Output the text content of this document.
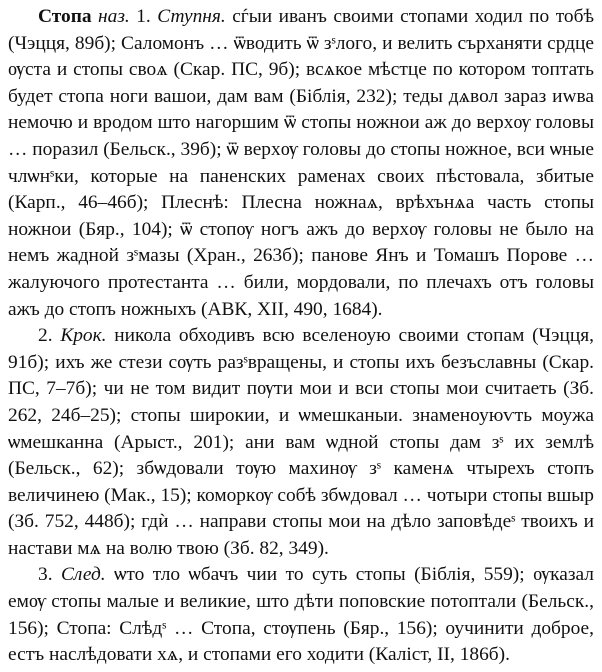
Стопа наз. 1. Ступня. сѓыи иванъ своими стопами ходил по тобѣ (Чэцця, 89б); Саломонъ … ѿводить ѿ зˢлого, и велить сърханяти срдце ѹста и стопы своѧ (Скар. ПС, 9б); всѧкое мѣстце по котором топтать будет стопа ноги вашои, дам вам (Біблія, 232); теды дѧвол зараз иwва немочю и вродом што нагоршим ѿ стопы ножнои аж до верхѹ головы … поразил (Бельск., 39б); ѿ верхѹ головы до стопы ножное, вси ѡные члѡнˢки, которые на паненскиx раменах своих пѣстовала, збитые (Карп., 46–46б); Плеснѣ: Плесна ножнаѧ, врѣхънѧа часть стопы ножнои (Бяр., 104); ѿ стопѹ ногъ ажъ до верхѹ головы не было на немъ жадной зˢмазы (Хран., 263б); панове Янъ и Томашъ Порове … жалуючого протестанта … били, мордовали, по плечахъ отъ головы ажъ до стопъ ножныхъ (АВК, XII, 490, 1684).

2. Крок. никола обходивъ всю вселеноую своими стопам (Чэцця, 91б); ихъ же стези сѹть разˢвращены, и стопы ихъ безъславны (Скар. ПС, 7–7б); чи не том видит пѹти мои и вси стопы мои считаеть (Зб. 262, 24б–25); стопы широкии, и ѡмешканыи. знаменоуюѵть моужа ѡмешканна (Арыст., 201); ани вам ѡдной стопы дам зˢ их землѣ (Бельск., 62); збѡдовали тѹю махинѹ зˢ каменѧ чтырехъ стопъ величинею (Мак., 15); коморкѹ собѣ збѡдовал … чотыри стопы вшыр (Зб. 752, 448б); гдѝ … направи стопы мои на дѣло заповѣдеˢ твоихъ и настави мѧ на волю твою (Зб. 82, 349).

3. След. ѡто тло ѡбачъ чии то суть стопы (Біблія, 559); ѹказал емѹ стопы малые и великие, што дѣти поповские потоптали (Бельск., 156); Стопа: Слѣдˢ … Стопа, стѹпень (Бяр., 156); оучинити доброе, естъ наслѣдовати хѧ, и стопами его ходити (Каліст, II, 186б).
